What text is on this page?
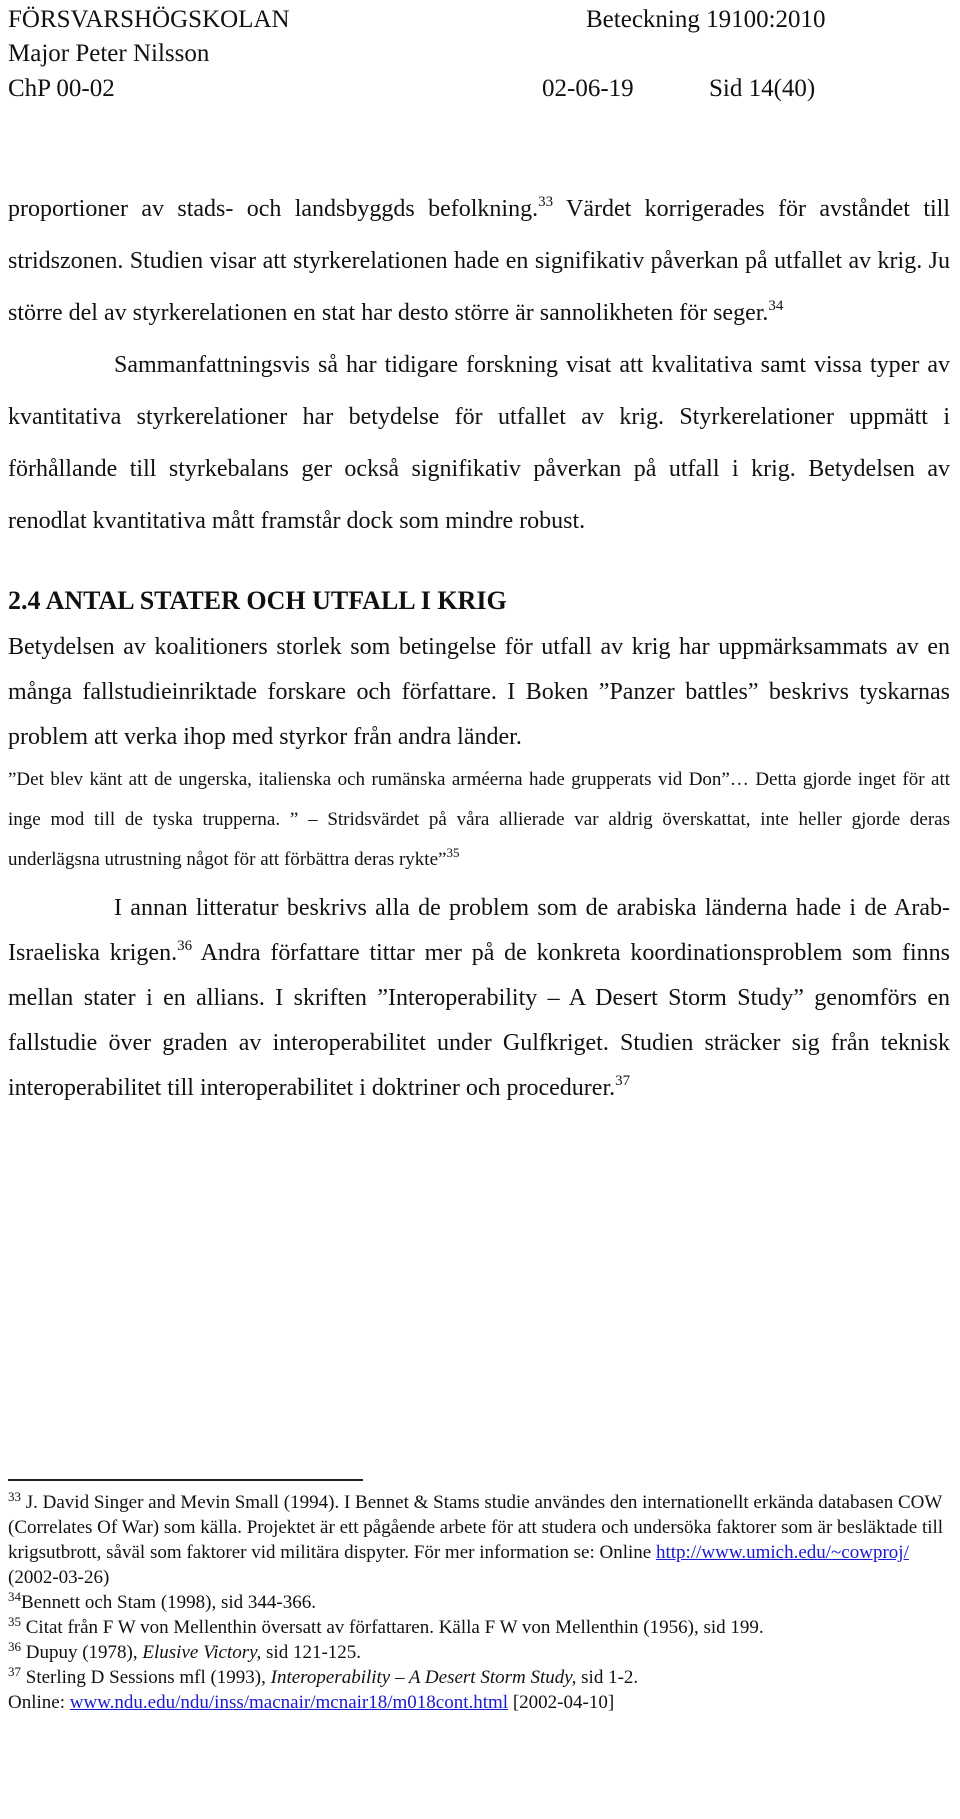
FÖRSVARSHÖGSKOLAN	Beteckning 19100:2010
Major Peter Nilsson
ChP 00-02	02-06-19	Sid 14(40)

proportioner av stads- och landsbyggds befolkning.$^{33}$ Värdet korrigerades för avståndet till stridszonen. Studien visar att styrkerelationen hade en signifikativ påverkan på utfallet av krig. Ju större del av styrkerelationen en stat har desto större är sannolikheten för seger.$^{34}$

Sammanfattningsvis så har tidigare forskning visat att kvalitativa samt vissa typer av kvantitativa styrkerelationer har betydelse för utfallet av krig. Styrkerelationer uppmätt i förhållande till styrkebalans ger också signifikativ påverkan på utfall i krig. Betydelsen av renodlat kvantitativa mått framstår dock som mindre robust.

2.4 ANTAL STATER OCH UTFALL I KRIG

Betydelsen av koalitioners storlek som betingelse för utfall av krig har uppmärksammats av en många fallstudieinriktade forskare och författare. I Boken ”Panzer battles” beskrivs tyskarnas problem att verka ihop med styrkor från andra länder.

”Det blev känt att de ungerska, italienska och rumänska arméerna hade grupperats vid Don”… Detta gjorde inget för att inge mod till de tyska trupperna. ” – Stridsvärdet på våra allierade var aldrig överskattat, inte heller gjorde deras underlägsna utrustning något för att förbättra deras rykte”$^{35}$

I annan litteratur beskrivs alla de problem som de arabiska länderna hade i de Arab-Israeliska krigen.$^{36}$ Andra författare tittar mer på de konkreta koordinationsproblem som finns mellan stater i en allians. I skriften ”Interoperability – A Desert Storm Study” genomförs en fallstudie över graden av interoperabilitet under Gulfkriget. Studien sträcker sig från teknisk interoperabilitet till interoperabilitet i doktriner och procedurer.$^{37}$

$^{33}$ J. David Singer and Mevin Small (1994). I Bennet & Stams studie användes den internationellt erkända databasen COW (Correlates Of War) som källa. Projektet är ett pågående arbete för att studera och undersöka faktorer som är besläktade till krigsutbrott, såväl som faktorer vid militära dispyter. För mer information se: Online http://www.umich.edu/~cowproj/ (2002-03-26)

$^{34}$Bennett och Stam (1998), sid 344-366.

$^{35}$ Citat från F W von Mellenthin översatt av författaren. Källa F W von Mellenthin (1956), sid 199.

$^{36}$ Dupuy (1978), Elusive Victory, sid 121-125.

$^{37}$ Sterling D Sessions mfl (1993), Interoperability – A Desert Storm Study, sid 1-2.
Online: www.ndu.edu/ndu/inss/macnair/mcnair18/m018cont.html [2002-04-10]
